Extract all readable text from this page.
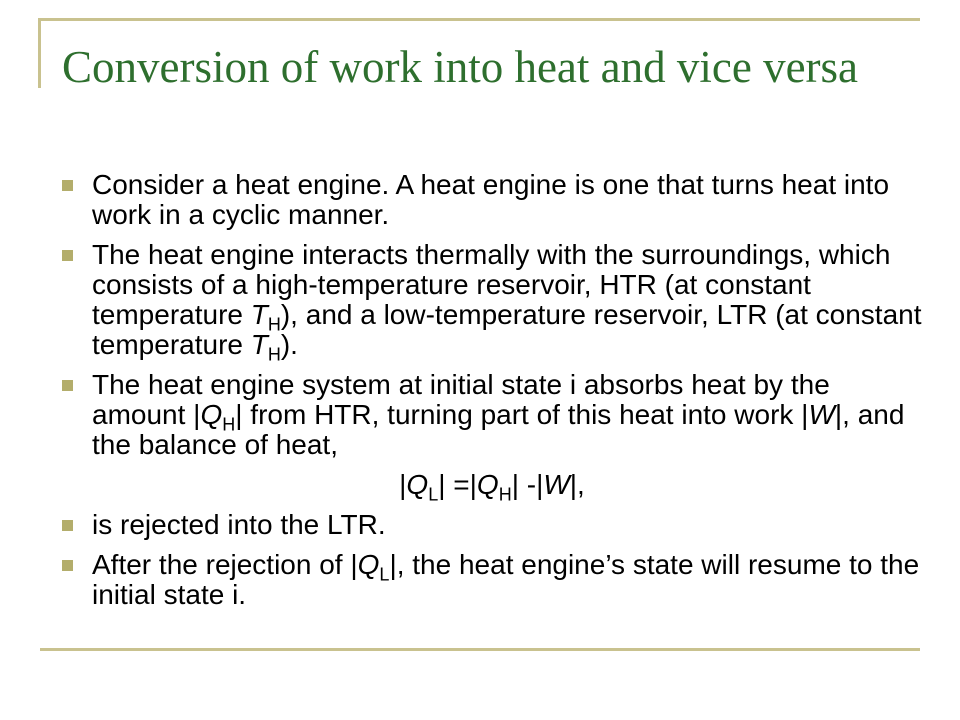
Conversion of work into heat and vice versa
Consider a heat engine. A heat engine is one that turns heat into work in a cyclic manner.
The heat engine interacts thermally with the surroundings, which consists of a high-temperature reservoir, HTR (at constant temperature $T_H$), and a low-temperature reservoir, LTR (at constant temperature $T_H$).
The heat engine system at initial state i absorbs heat by the amount $|Q_H|$ from HTR, turning part of this heat into work |W|, and the balance of heat,
$|Q_L| =|Q_H|$ -|W|,
is rejected into the LTR.
After the rejection of $|Q_L|$, the heat engine’s state will resume to the initial state i.
